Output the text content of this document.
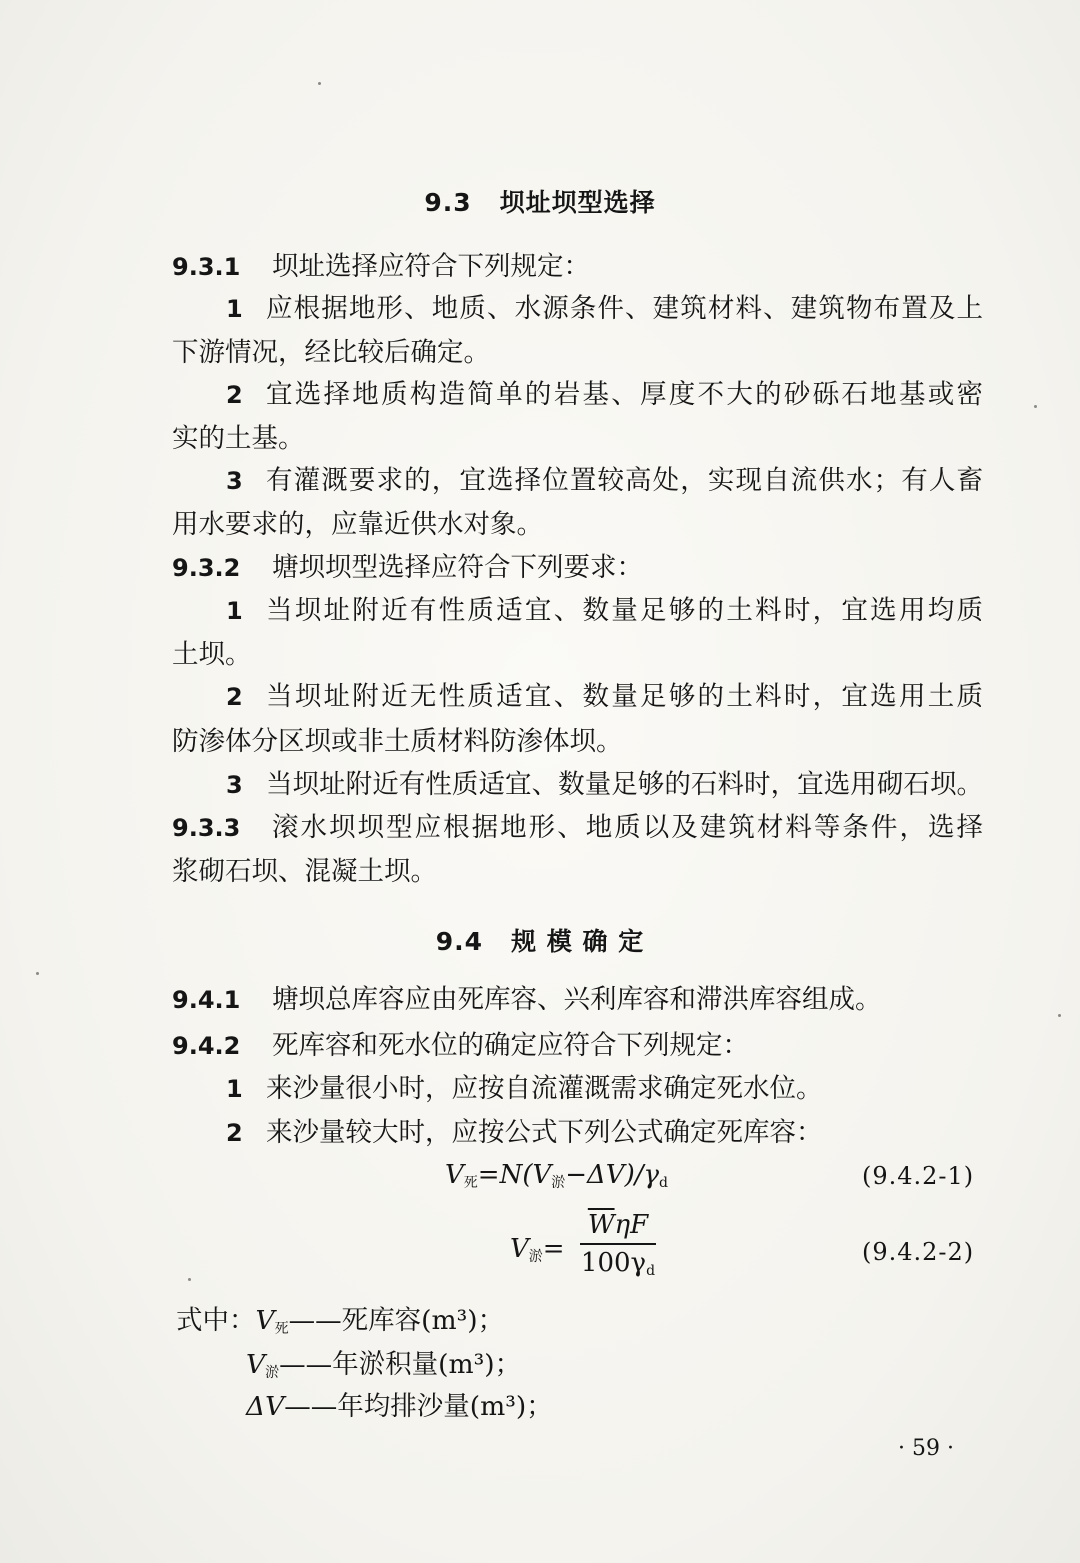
9.3 坝址坝型选择
9.3.1 坝址选择应符合下列规定：
1 应根据地形、地质、水源条件、建筑材料、建筑物布置及上
下游情况，经比较后确定。
2 宜选择地质构造简单的岩基、厚度不大的砂砾石地基或密
实的土基。
3 有灌溉要求的，宜选择位置较高处，实现自流供水；有人畜
用水要求的，应靠近供水对象。
9.3.2 塘坝坝型选择应符合下列要求：
1 当坝址附近有性质适宜、数量足够的土料时，宜选用均质
土坝。
2 当坝址附近无性质适宜、数量足够的土料时，宜选用土质
防渗体分区坝或非土质材料防渗体坝。
3 当坝址附近有性质适宜、数量足够的石料时，宜选用砌石坝。
9.3.3 滚水坝坝型应根据地形、地质以及建筑材料等条件，选择
浆砌石坝、混凝土坝。
9.4 规 模 确 定
9.4.1 塘坝总库容应由死库容、兴利库容和滞洪库容组成。
9.4.2 死库容和死水位的确定应符合下列规定：
1 来沙量很小时，应按自流灌溉需求确定死水位。
2 来沙量较大时，应按公式下列公式确定死库容：
$V_死=N(V_淤-\Delta V)/\gamma_d$	(9.4.2-1)
$V_淤=$
$\overline{W}\eta F$
$100\gamma_d$
(9.4.2-2)
式中：$V_死——$死库容(m³)；
$V_淤——$年淤积量(m³)；
ΔV——年均排沙量(m³)；
· 59 ·
